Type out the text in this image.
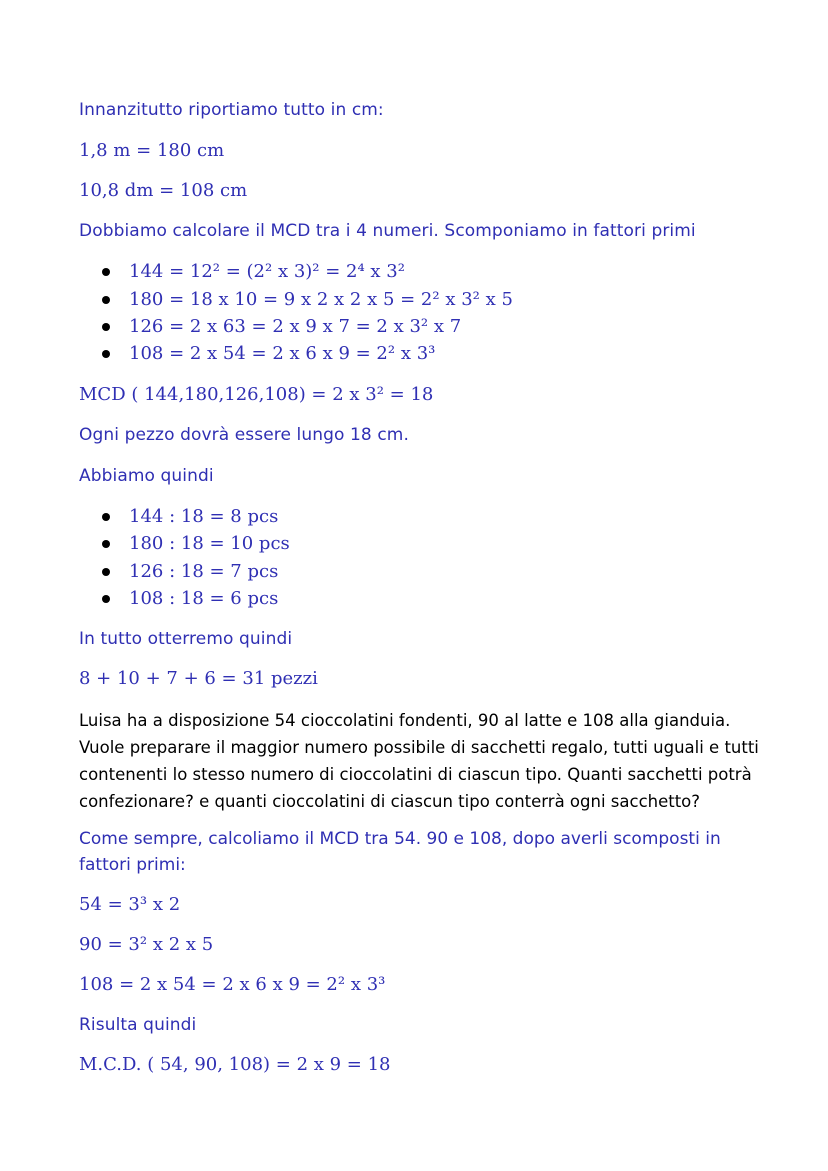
Innanzitutto riportiamo tutto in cm:
1,8 m = 180 cm
10,8 dm = 108 cm
Dobbiamo calcolare il MCD tra i 4 numeri. Scomponiamo in fattori primi
144 = 12² = (2² x 3)² = 2⁴ x 3²
180 = 18 x 10 = 9 x 2 x 2 x 5 = 2² x 3² x 5
126 = 2 x 63 = 2 x 9 x 7 = 2 x 3² x 7
108 = 2 x 54 = 2 x 6 x 9 = 2² x 3³
MCD ( 144,180,126,108) = 2 x 3² = 18
Ogni pezzo dovrà essere lungo 18 cm.
Abbiamo quindi
144 : 18 = 8 pcs
180 : 18 = 10 pcs
126 : 18 = 7 pcs
108 : 18 = 6 pcs
In tutto otterremo quindi
8 + 10 + 7 + 6 = 31 pezzi
Luisa ha a disposizione 54 cioccolatini fondenti, 90 al latte e 108 alla gianduia.
Vuole preparare il maggior numero possibile di sacchetti regalo, tutti uguali e tutti
contenenti lo stesso numero di cioccolatini di ciascun tipo. Quanti sacchetti potrà
confezionare? e quanti cioccolatini di ciascun tipo conterrà ogni sacchetto?
Come sempre, calcoliamo il MCD tra 54. 90 e 108, dopo averli scomposti in
fattori primi:
54 = 3³ x 2
90 = 3² x 2 x 5
108 = 2 x 54 = 2 x 6 x 9 = 2² x 3³
Risulta quindi
M.C.D. ( 54, 90, 108) = 2 x 9 = 18
